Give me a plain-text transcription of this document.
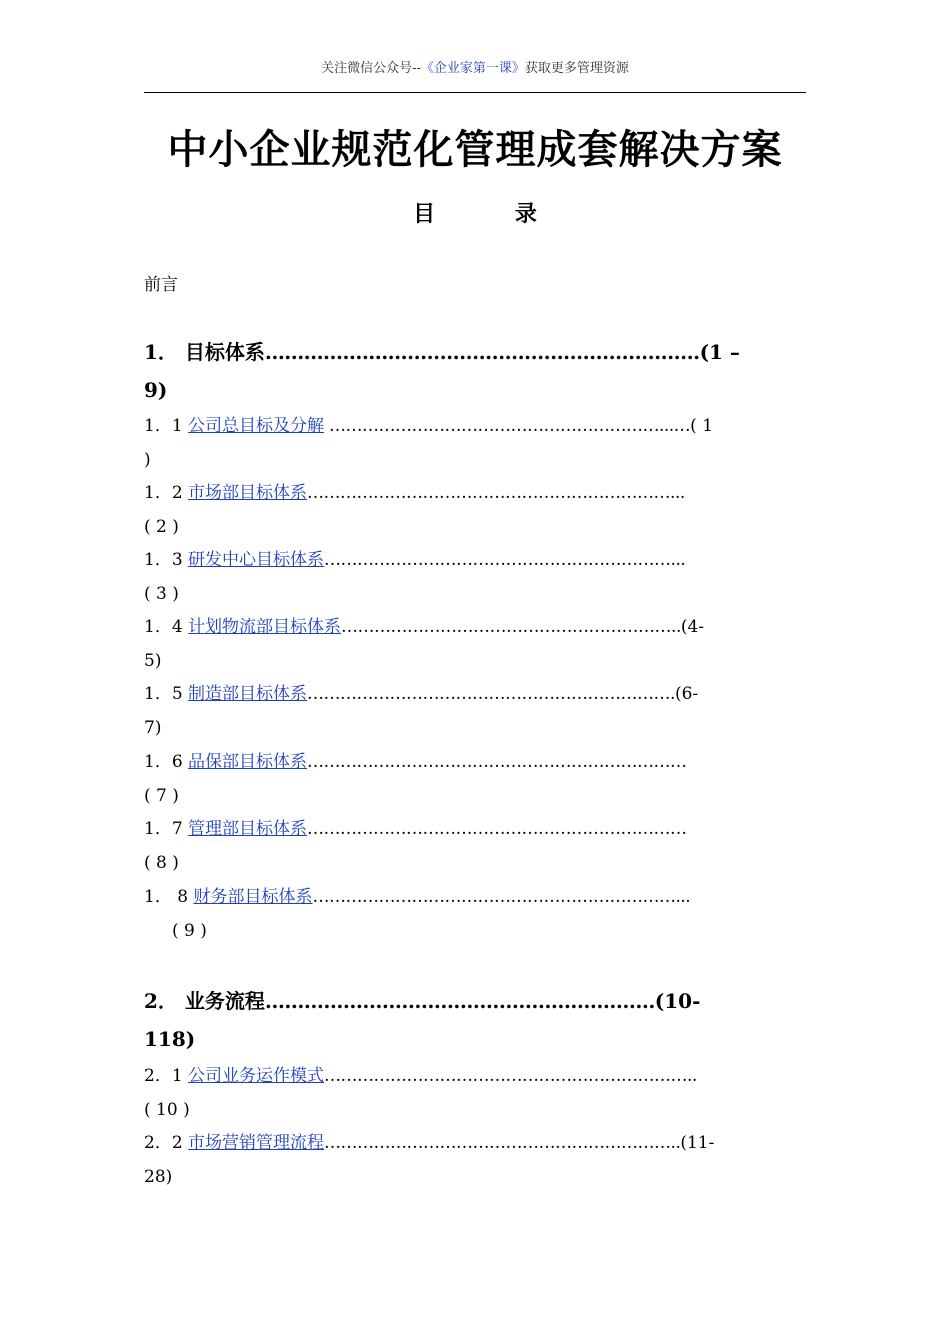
关注微信公众号--《企业家第一课》获取更多管理资源
中小企业规范化管理成套解决方案
目 录
前言
1． 目标体系......................………………………………………(1 –
9)
1．1 公司总目标及分解 ……………………………………………………...…( 1
)
1．2 市场部目标体系…………………………………………………………...
( 2 )
1．3 研发中心目标体系………………………………………………………...
( 3 )
1．4 计划物流部目标体系……………………………………………………..(4-
5)
1．5 制造部目标体系………………………………………………………….(6-
7)
1．6 品保部目标体系……………………………………………………………
( 7 )
1．7 管理部目标体系……………………………………………………………
( 8 )
1． 8 财务部目标体系…………………………………………………………...
( 9 )
2． 业务流程…..……………………………………………….(10-
118)
2．1 公司业务运作模式…………………………………………………………..
( 10 )
2．2 市场营销管理流程………………………………………………………..(11-
28)
